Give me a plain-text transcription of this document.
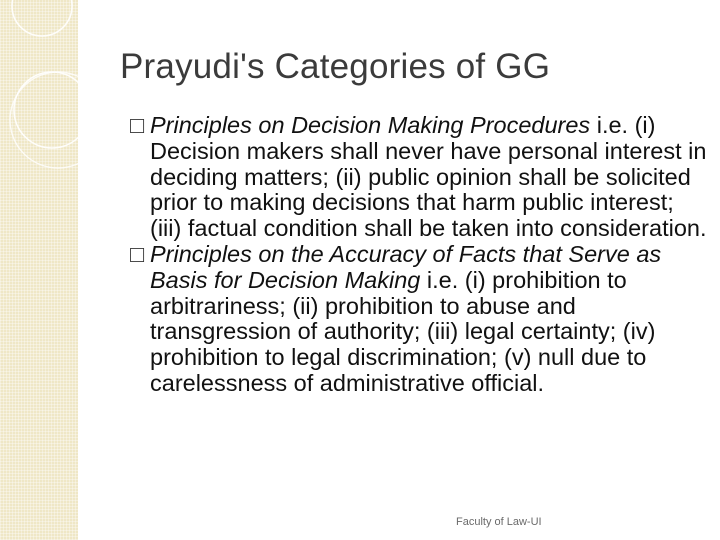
Prayudi's Categories of GG

□ Principles on Decision Making Procedures i.e. (i) Decision makers shall never have personal interest in deciding matters; (ii) public opinion shall be solicited prior to making decisions that harm public interest; (iii) factual condition shall be taken into consideration.

□ Principles on the Accuracy of Facts that Serve as Basis for Decision Making i.e. (i) prohibition to arbitrariness; (ii) prohibition to abuse and transgression of authority; (iii) legal certainty; (iv) prohibition to legal discrimination; (v) null due to carelessness of administrative official.

Faculty of Law-UI
